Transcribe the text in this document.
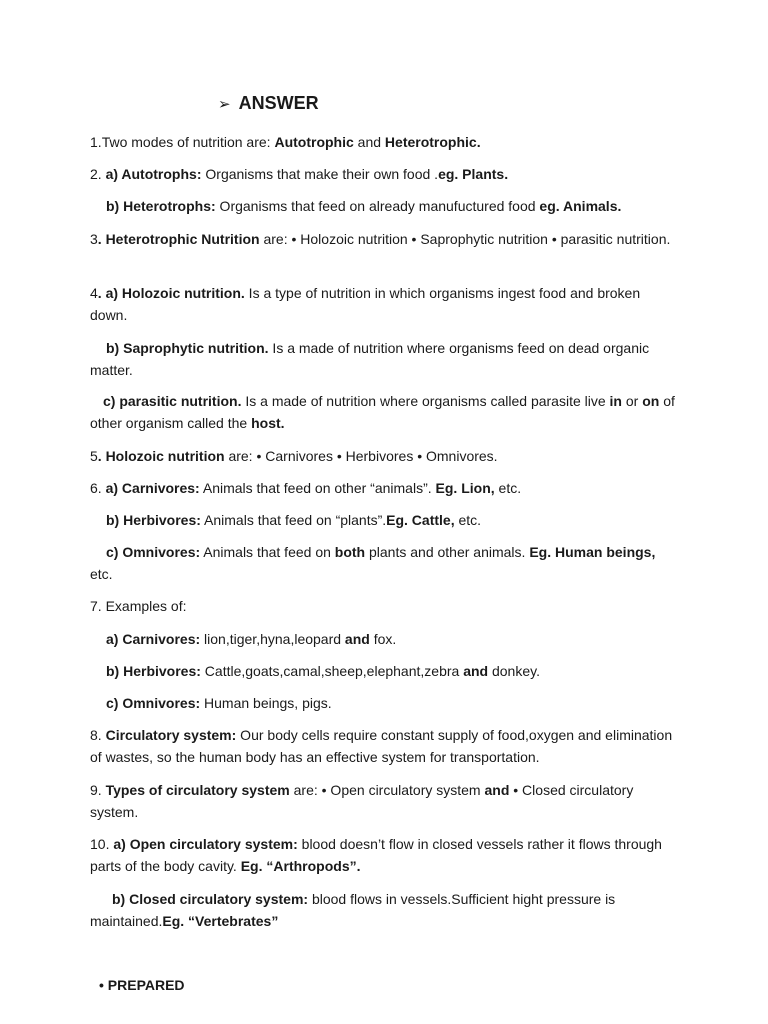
➢ ANSWER
1.Two modes of nutrition are: Autotrophic and Heterotrophic.
2. a) Autotrophs: Organisms that make their own food .eg. Plants.
b) Heterotrophs: Organisms that feed on already manufuctured food eg. Animals.
3. Heterotrophic Nutrition are: • Holozoic nutrition • Saprophytic nutrition • parasitic nutrition.
4. a) Holozoic nutrition. Is a type of nutrition in which organisms ingest food and broken down.
b) Saprophytic nutrition. Is a made of nutrition where organisms feed on dead organic matter.
c) parasitic nutrition. Is a made of nutrition where organisms called parasite live in or on of other organism called the host.
5. Holozoic nutrition are: • Carnivores • Herbivores • Omnivores.
6. a) Carnivores: Animals that feed on other “animals”. Eg. Lion, etc.
b) Herbivores: Animals that feed on “plants”.Eg. Cattle, etc.
c) Omnivores: Animals that feed on both plants and other animals. Eg. Human beings, etc.
7. Examples of:
a) Carnivores: lion,tiger,hyna,leopard and fox.
b) Herbivores: Cattle,goats,camal,sheep,elephant,zebra and donkey.
c) Omnivores: Human beings, pigs.
8. Circulatory system: Our body cells require constant supply of food,oxygen and elimination of wastes, so the human body has an effective system for transportation.
9. Types of circulatory system are: • Open circulatory system and • Closed circulatory system.
10. a) Open circulatory system: blood doesn’t flow in closed vessels rather it flows through parts of the body cavity. Eg. “Arthropods”.
b) Closed circulatory system: blood flows in vessels.Sufficient hight pressure is maintained.Eg. “Vertebrates”
• PREPARED
